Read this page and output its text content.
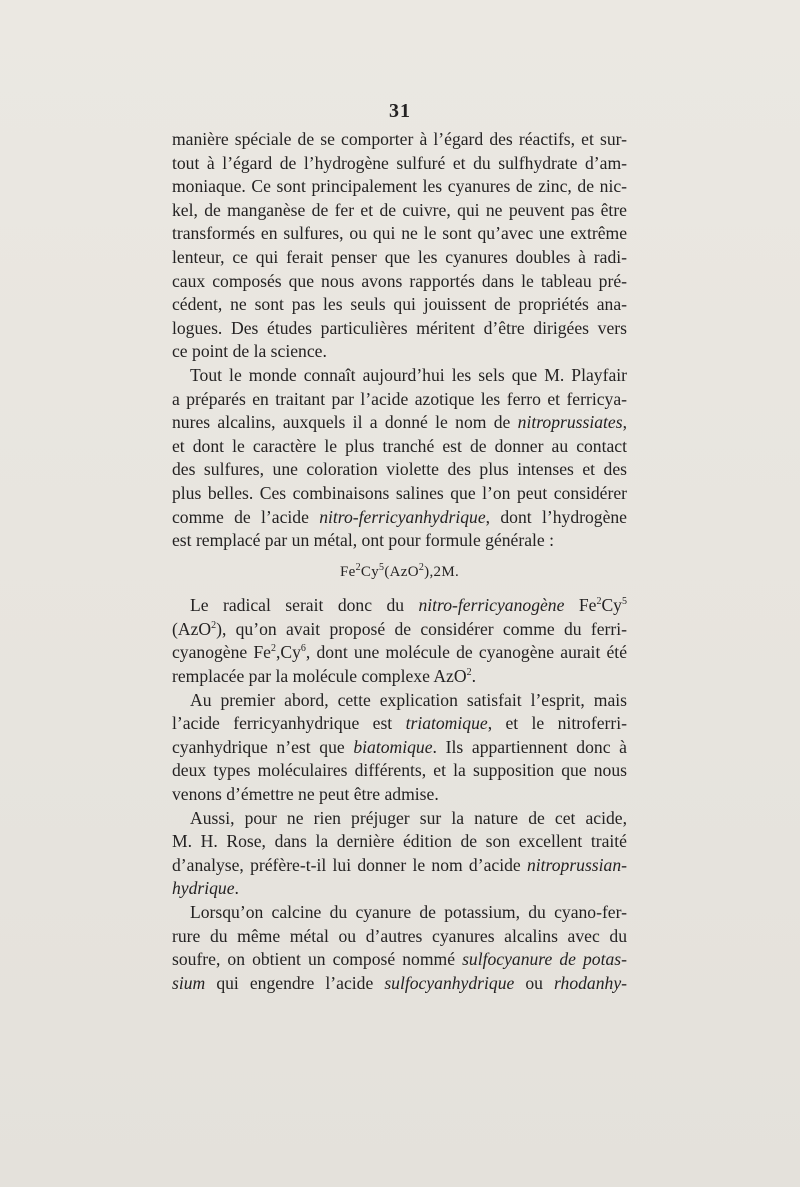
31
manière spéciale de se comporter à l’égard des réactifs, et sur-
tout à l’égard de l’hydrogène sulfuré et du sulfhydrate d’am-
moniaque. Ce sont principalement les cyanures de zinc, de nic-
kel, de manganèse de fer et de cuivre, qui ne peuvent pas être
transformés en sulfures, ou qui ne le sont qu’avec une extrême
lenteur, ce qui ferait penser que les cyanures doubles à radi-
caux composés que nous avons rapportés dans le tableau pré-
cédent, ne sont pas les seuls qui jouissent de propriétés ana-
logues. Des études particulières méritent d’être dirigées vers
ce point de la science.
Tout le monde connaît aujourd’hui les sels que M. Playfair
a préparés en traitant par l’acide azotique les ferro et ferricya-
nures alcalins, auxquels il a donné le nom de nitroprussiates,
et dont le caractère le plus tranché est de donner au contact
des sulfures, une coloration violette des plus intenses et des
plus belles. Ces combinaisons salines que l’on peut considérer
comme de l’acide nitro-ferricyanhydrique, dont l’hydrogène
est remplacé par un métal, ont pour formule générale :
Fe$^2$Cy$^5$(AzO$^2$),2M.
Le radical serait donc du nitro-ferricyanogène Fe$^2$Cy$^5$
(AzO$^2$), qu’on avait proposé de considérer comme du ferri-
cyanogène Fe$^2$,Cy$^6$, dont une molécule de cyanogène aurait été
remplacée par la molécule complexe AzO$^2$.
Au premier abord, cette explication satisfait l’esprit, mais
l’acide ferricyanhydrique est triatomique, et le nitroferri-
cyanhydrique n’est que biatomique. Ils appartiennent donc à
deux types moléculaires différents, et la supposition que nous
venons d’émettre ne peut être admise.
Aussi, pour ne rien préjuger sur la nature de cet acide,
M. H. Rose, dans la dernière édition de son excellent traité
d’analyse, préfère-t-il lui donner le nom d’acide nitroprussian-
hydrique.
Lorsqu’on calcine du cyanure de potassium, du cyano-fer-
rure du même métal ou d’autres cyanures alcalins avec du
soufre, on obtient un composé nommé sulfocyanure de potas-
sium qui engendre l’acide sulfocyanhydrique ou rhodanhy-
